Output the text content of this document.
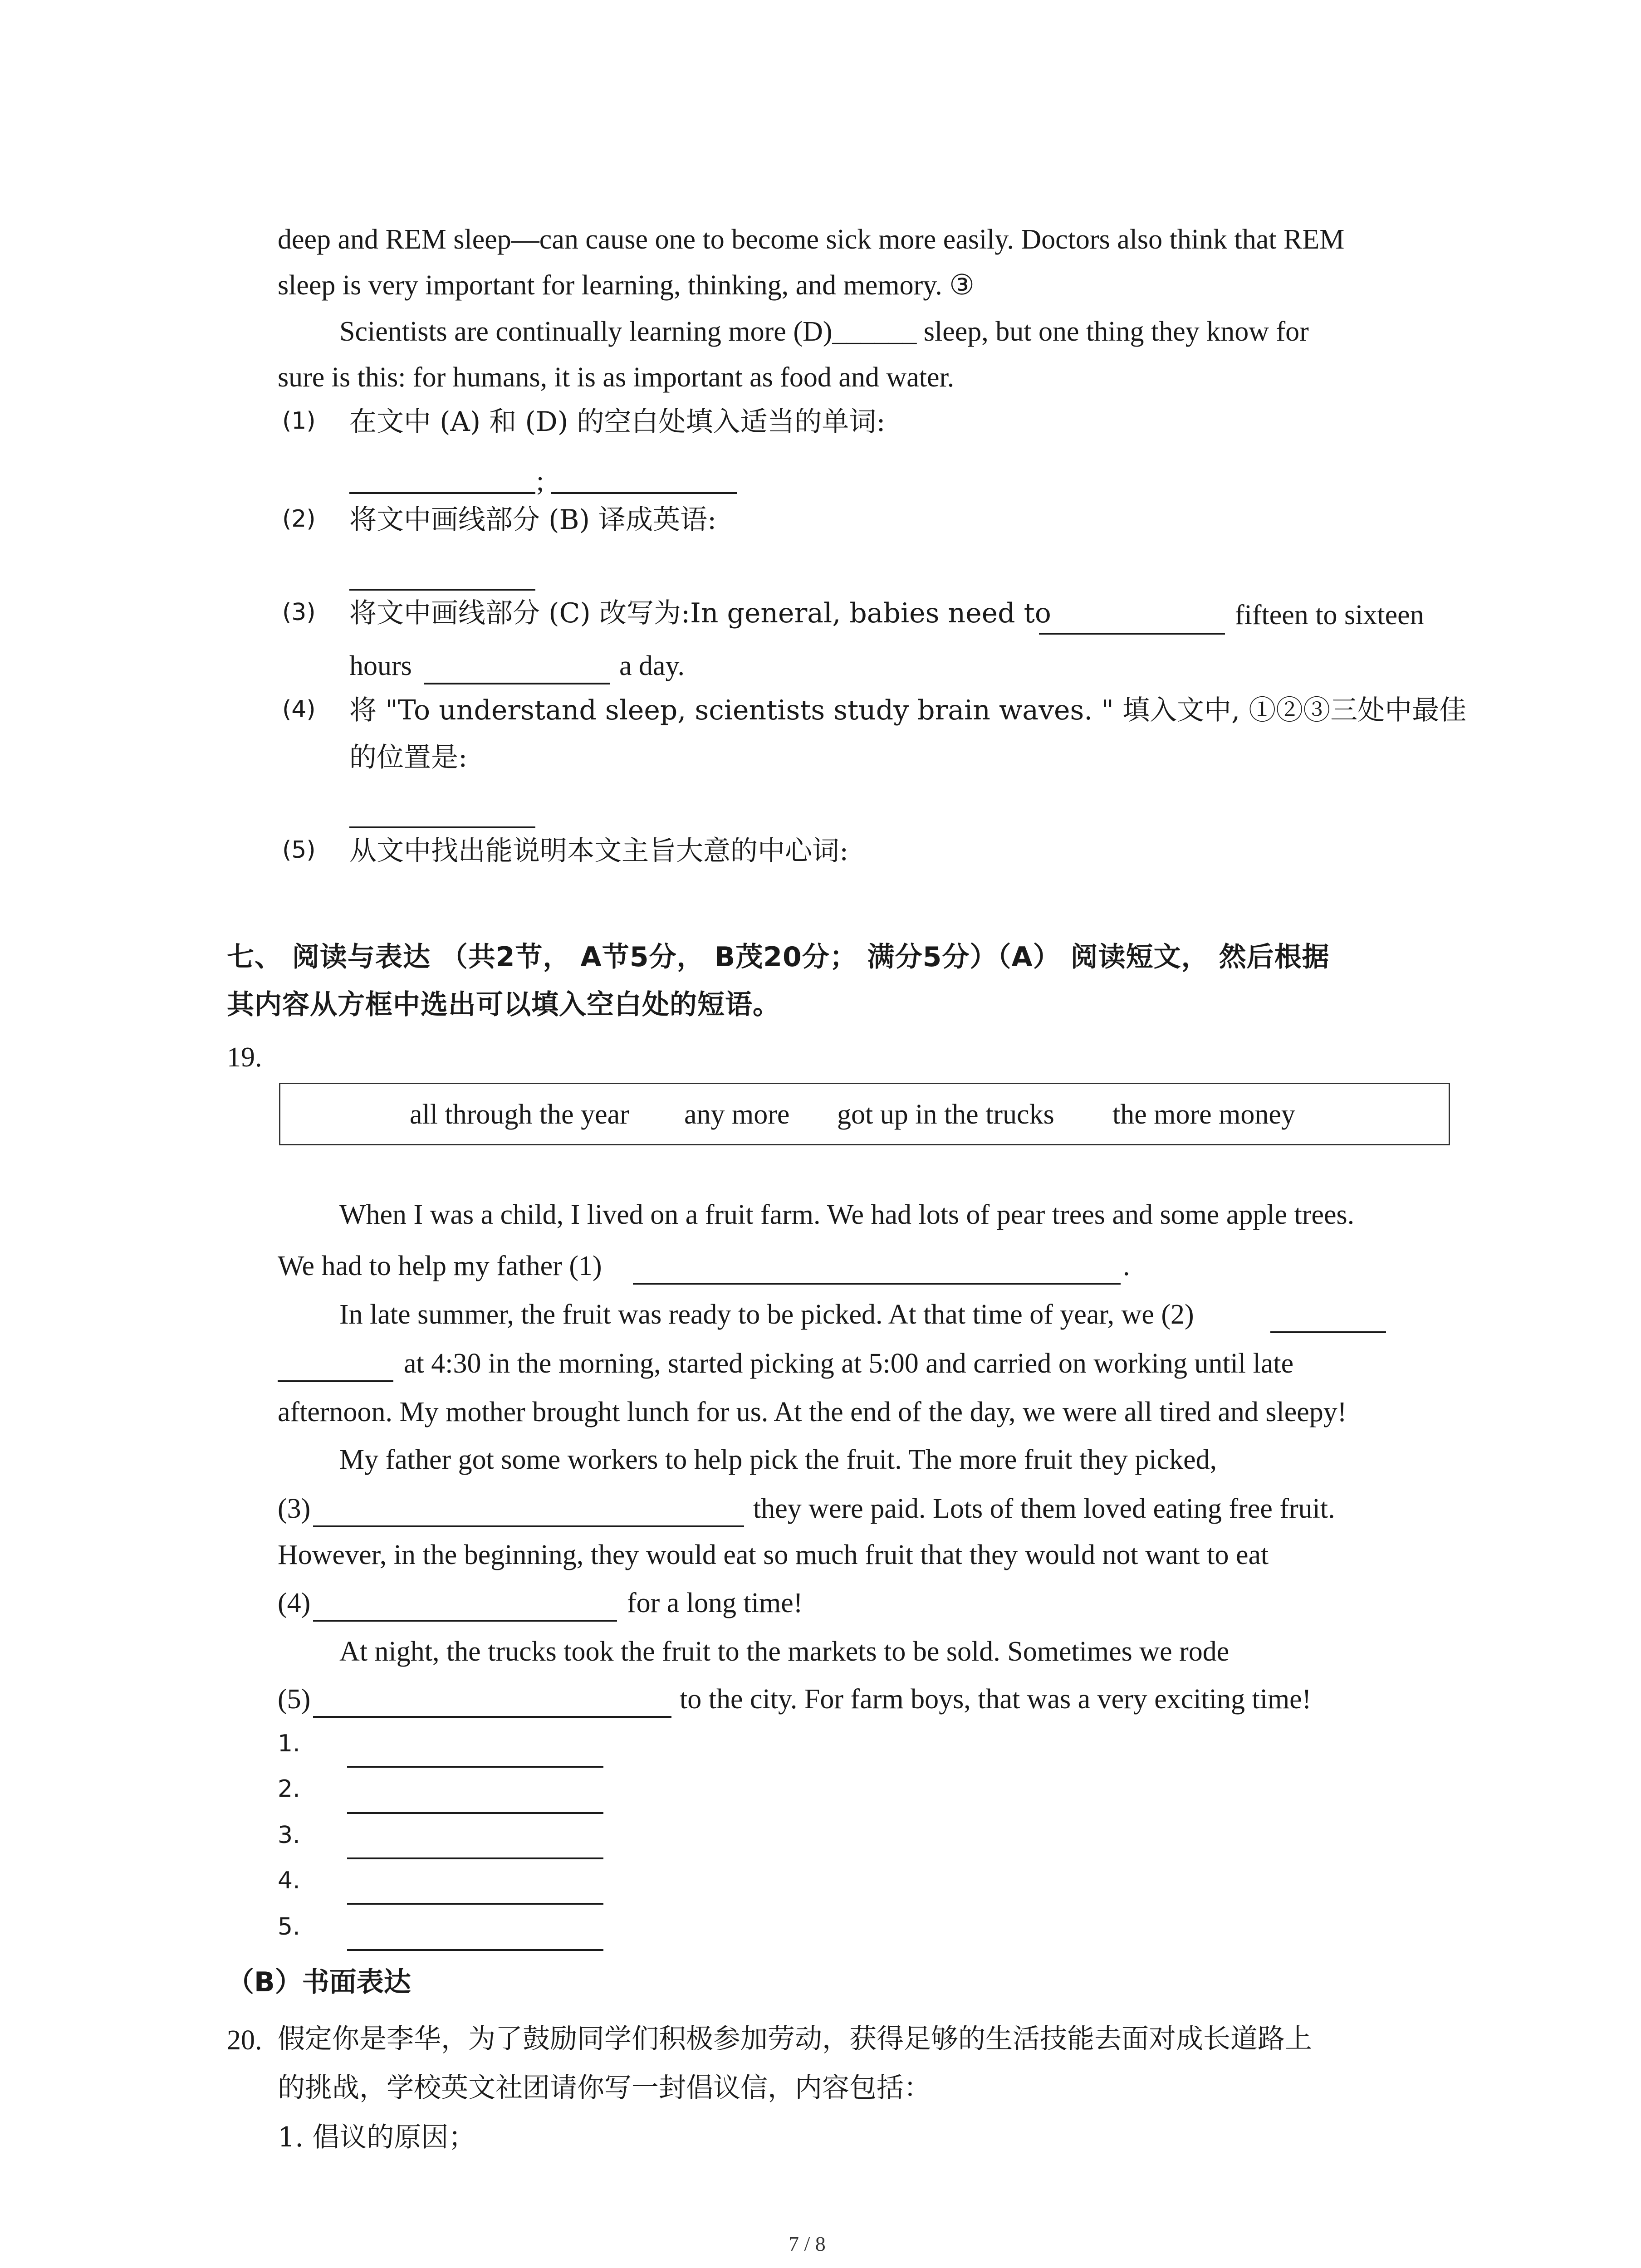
deep and REM sleep—can cause one to become sick more easily. Doctors also think that REM
sleep is very important for learning, thinking, and memory. ③
Scientists are continually learning more (D)______ sleep, but one thing they know for
sure is this: for humans, it is as important as food and water.
(1) 在文中 (A) 和 (D) 的空白处填入适当的单词:
;
(2) 将文中画线部分 (B) 译成英语:
(3) 将文中画线部分 (C) 改写为:In general, babies need to	fifteen to sixteen
hours	a day.
(4) 将 "To understand sleep, scientists study brain waves. " 填入文中, ①②③三处中最佳
的位置是:
(5) 从文中找出能说明本文主旨大意的中心词:
七、 阅读与表达 （共2节， A节5分， B茂20分； 满分5分）（A） 阅读短文， 然后根据
其内容从方框中选出可以填入空白处的短语。
19.
all through the year any more got up in the trucks the more money
When I was a child, I lived on a fruit farm. We had lots of pear trees and some apple trees.
We had to help my father (1)	.
In late summer, the fruit was ready to be picked. At that time of year, we (2)
at 4:30 in the morning, started picking at 5:00 and carried on working until late
afternoon. My mother brought lunch for us. At the end of the day, we were all tired and sleepy!
My father got some workers to help pick the fruit. The more fruit they picked,
(3)	they were paid. Lots of them loved eating free fruit.
However, in the beginning, they would eat so much fruit that they would not want to eat
(4)	for a long time!
At night, the trucks took the fruit to the markets to be sold. Sometimes we rode
(5)	to the city. For farm boys, that was a very exciting time!
1.
2.
3.
4.
5.
（B）书面表达
20. 假定你是李华，为了鼓励同学们积极参加劳动，获得足够的生活技能去面对成长道路上
的挑战，学校英文社团请你写一封倡议信，内容包括：
1. 倡议的原因；
7 / 8
